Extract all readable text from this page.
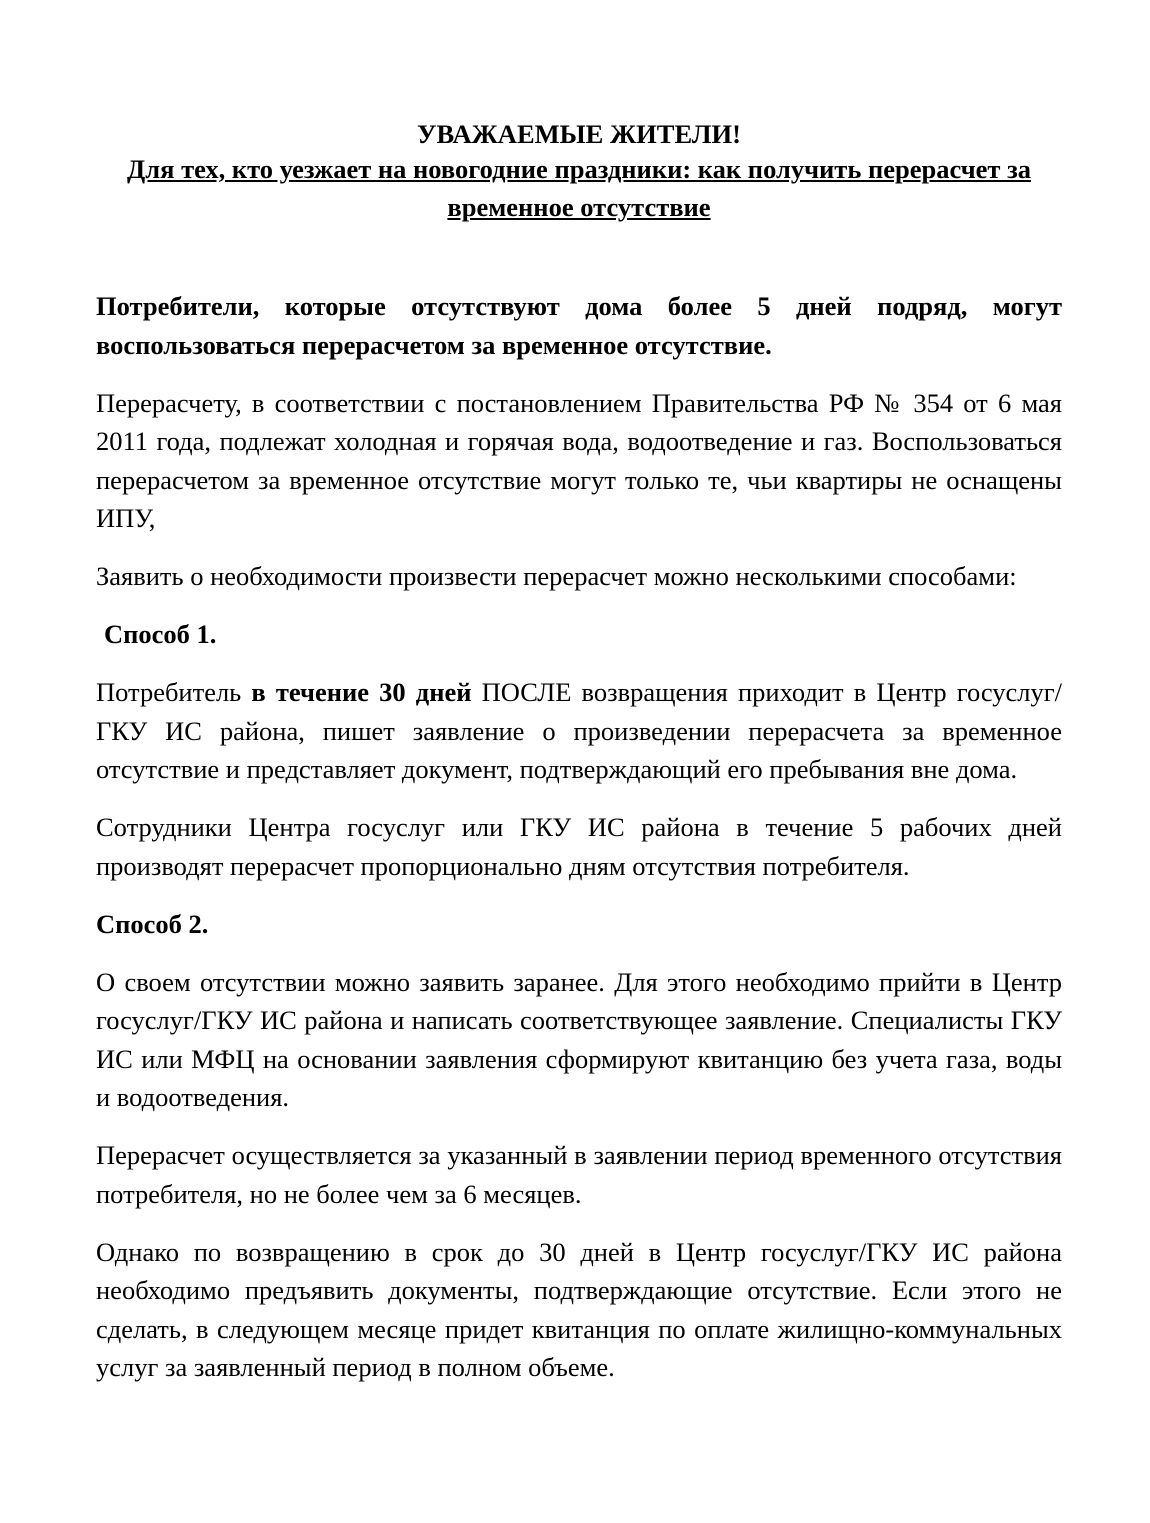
УВАЖАЕМЫЕ ЖИТЕЛИ!

Для тех, кто уезжает на новогодние праздники: как получить перерасчет за временное отсутствие

Потребители, которые отсутствуют дома более 5 дней подряд, могут воспользоваться перерасчетом за временное отсутствие.

Перерасчету, в соответствии с постановлением Правительства РФ № 354 от 6 мая 2011 года, подлежат холодная и горячая вода, водоотведение и газ. Воспользоваться перерасчетом за временное отсутствие могут только те, чьи квартиры не оснащены ИПУ,

Заявить о необходимости произвести перерасчет можно несколькими способами:

Способ 1.

Потребитель в течение 30 дней ПОСЛЕ возвращения приходит в Центр госуслуг/ГКУ ИС района, пишет заявление о произведении перерасчета за временное отсутствие и представляет документ, подтверждающий его пребывания вне дома.

Сотрудники Центра госуслуг или ГКУ ИС района в течение 5 рабочих дней производят перерасчет пропорционально дням отсутствия потребителя.

Способ 2.

О своем отсутствии можно заявить заранее. Для этого необходимо прийти в Центр госуслуг/ГКУ ИС района и написать соответствующее заявление. Специалисты ГКУ ИС или МФЦ на основании заявления сформируют квитанцию без учета газа, воды и водоотведения.

Перерасчет осуществляется за указанный в заявлении период временного отсутствия потребителя, но не более чем за 6 месяцев.

Однако по возвращению в срок до 30 дней в Центр госуслуг/ГКУ ИС района необходимо предъявить документы, подтверждающие отсутствие. Если этого не сделать, в следующем месяце придет квитанция по оплате жилищно-коммунальных услуг за заявленный период в полном объеме.
